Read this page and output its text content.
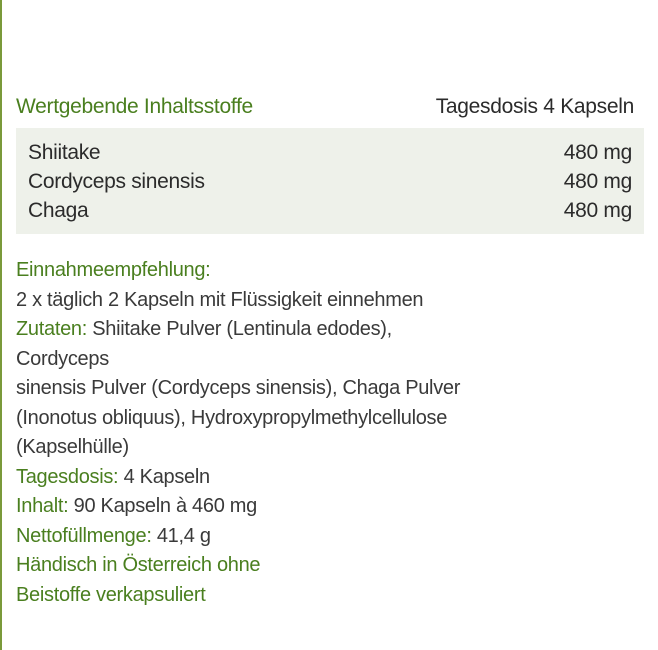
Wertgebende Inhaltsstoffe	Tagesdosis 4 Kapseln
Shiitake	480 mg
Cordyceps sinensis	480 mg
Chaga	480 mg
Einnahmeempfehlung:
2 x täglich 2 Kapseln mit Flüssigkeit einnehmen
Zutaten: Shiitake Pulver (Lentinula edodes), Cordyceps
sinensis Pulver (Cordyceps sinensis), Chaga Pulver
(Inonotus obliquus), Hydroxypropylmethylcellulose
(Kapselhülle)
Tagesdosis: 4 Kapseln
Inhalt: 90 Kapseln à 460 mg
Nettofüllmenge: 41,4 g
Händisch in Österreich ohne
Beistoffe verkapsuliert
